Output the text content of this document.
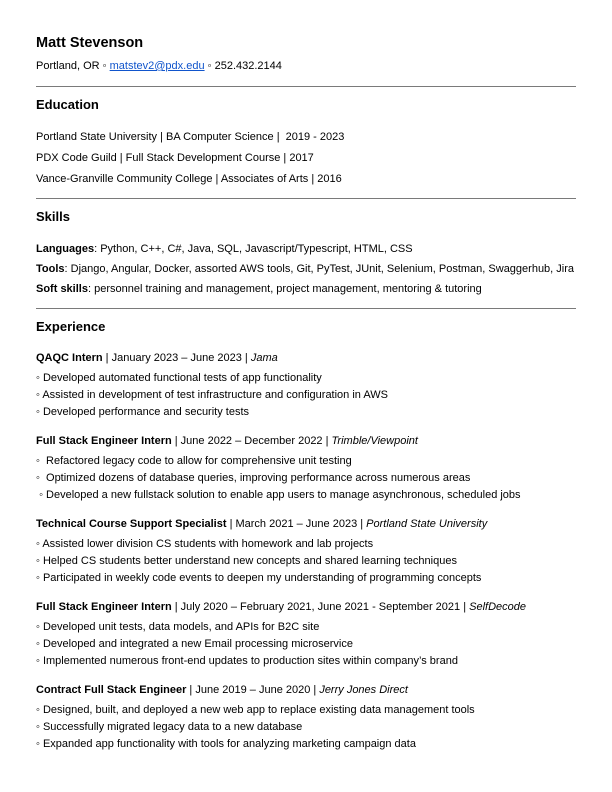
Matt Stevenson

Portland, OR ◦ matstev2@pdx.edu ◦ 252.432.2144

Education
Portland State University | BA Computer Science |  2019 - 2023
PDX Code Guild | Full Stack Development Course | 2017
Vance-Granville Community College | Associates of Arts | 2016
Skills
Languages: Python, C++, C#, Java, SQL, Javascript/Typescript, HTML, CSS
Tools: Django, Angular, Docker, assorted AWS tools, Git, PyTest, JUnit, Selenium, Postman, Swaggerhub, Jira
Soft skills: personnel training and management, project management, mentoring & tutoring
Experience
QAQC Intern | January 2023 – June 2023 | Jama
◦ Developed automated functional tests of app functionality
◦ Assisted in development of test infrastructure and configuration in AWS
◦ Developed performance and security tests
Full Stack Engineer Intern | June 2022 – December 2022 | Trimble/Viewpoint
◦  Refactored legacy code to allow for comprehensive unit testing
◦  Optimized dozens of database queries, improving performance across numerous areas
◦ Developed a new fullstack solution to enable app users to manage asynchronous, scheduled jobs
Technical Course Support Specialist | March 2021 – June 2023 | Portland State University
◦ Assisted lower division CS students with homework and lab projects
◦ Helped CS students better understand new concepts and shared learning techniques
◦ Participated in weekly code events to deepen my understanding of programming concepts
Full Stack Engineer Intern | July 2020 – February 2021, June 2021 - September 2021 | SelfDecode
◦ Developed unit tests, data models, and APIs for B2C site
◦ Developed and integrated a new Email processing microservice
◦ Implemented numerous front-end updates to production sites within company’s brand
Contract Full Stack Engineer | June 2019 – June 2020 | Jerry Jones Direct
◦ Designed, built, and deployed a new web app to replace existing data management tools
◦ Successfully migrated legacy data to a new database
◦ Expanded app functionality with tools for analyzing marketing campaign data
